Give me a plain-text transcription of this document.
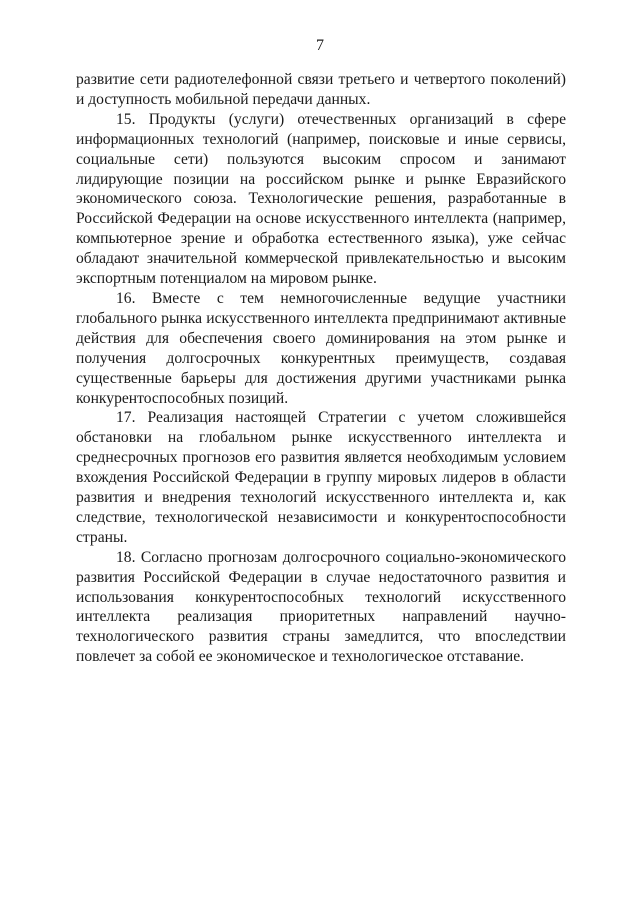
7

развитие сети радиотелефонной связи третьего и четвертого поколений) и доступность мобильной передачи данных.

15. Продукты (услуги) отечественных организаций в сфере информационных технологий (например, поисковые и иные сервисы, социальные сети) пользуются высоким спросом и занимают лидирующие позиции на российском рынке и рынке Евразийского экономического союза. Технологические решения, разработанные в Российской Федерации на основе искусственного интеллекта (например, компьютерное зрение и обработка естественного языка), уже сейчас обладают значительной коммерческой привлекательностью и высоким экспортным потенциалом на мировом рынке.

16. Вместе с тем немногочисленные ведущие участники глобального рынка искусственного интеллекта предпринимают активные действия для обеспечения своего доминирования на этом рынке и получения долгосрочных конкурентных преимуществ, создавая существенные барьеры для достижения другими участниками рынка конкурентоспособных позиций.

17. Реализация настоящей Стратегии с учетом сложившейся обстановки на глобальном рынке искусственного интеллекта и среднесрочных прогнозов его развития является необходимым условием вхождения Российской Федерации в группу мировых лидеров в области развития и внедрения технологий искусственного интеллекта и, как следствие, технологической независимости и конкурентоспособности страны.

18. Согласно прогнозам долгосрочного социально-экономического развития Российской Федерации в случае недостаточного развития и использования конкурентоспособных технологий искусственного интеллекта реализация приоритетных направлений научно-технологического развития страны замедлится, что впоследствии повлечет за собой ее экономическое и технологическое отставание.
